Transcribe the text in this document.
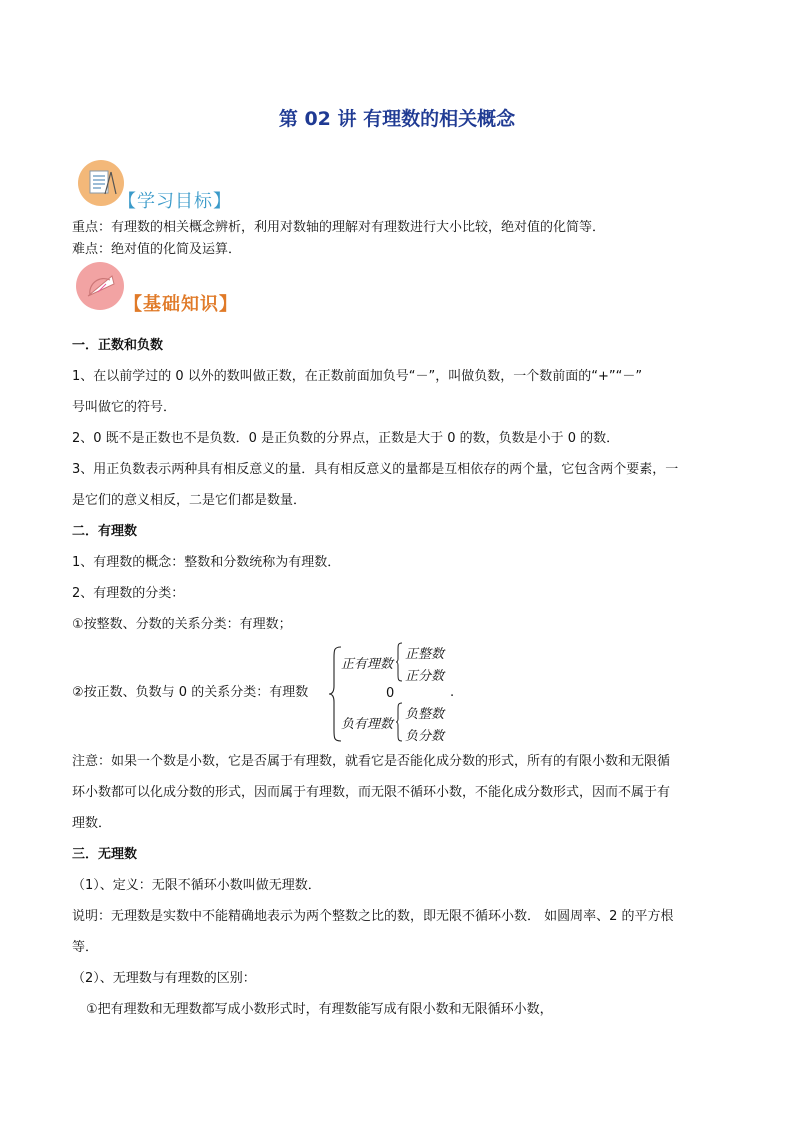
第 02 讲 有理数的相关概念
【学习目标】
重点：有理数的相关概念辨析，利用对数轴的理解对有理数进行大小比较，绝对值的化简等．
难点：绝对值的化简及运算．
【基础知识】
一．正数和负数
1、在以前学过的 0 以外的数叫做正数，在正数前面加负号“－”，叫做负数，一个数前面的“+”“－”
号叫做它的符号．
2、0 既不是正数也不是负数．0 是正负数的分界点，正数是大于 0 的数，负数是小于 0 的数．
3、用正负数表示两种具有相反意义的量．具有相反意义的量都是互相依存的两个量，它包含两个要素，一
是它们的意义相反，二是它们都是数量．
二．有理数
1、有理数的概念：整数和分数统称为有理数．
2、有理数的分类：
①按整数、分数的关系分类：有理数；
②按正数、负数与 0 的关系分类：有理数
正有理数
正整数
正分数
0	.
负有理数
负整数
负分数
注意：如果一个数是小数，它是否属于有理数，就看它是否能化成分数的形式，所有的有限小数和无限循
环小数都可以化成分数的形式，因而属于有理数，而无限不循环小数，不能化成分数形式，因而不属于有
理数．
三．无理数
（1）、定义：无限不循环小数叫做无理数．
说明：无理数是实数中不能精确地表示为两个整数之比的数，即无限不循环小数． 如圆周率、2 的平方根
等．
（2）、无理数与有理数的区别：
①把有理数和无理数都写成小数形式时，有理数能写成有限小数和无限循环小数，
